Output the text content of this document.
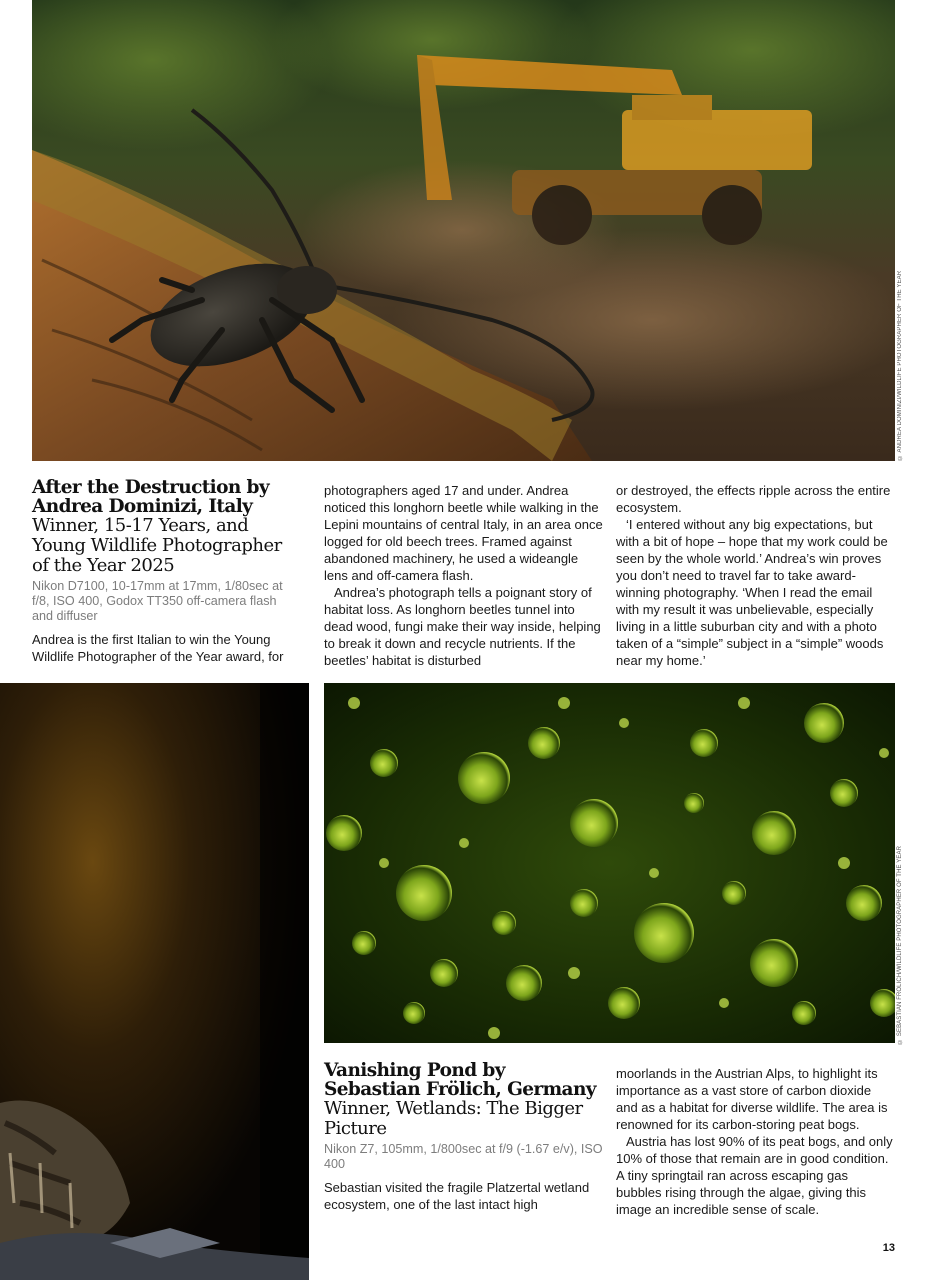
© ANDREA DOMINIZI/WILDLIFE PHOTOGRAPHER OF THE YEAR
After the Destruction by Andrea Dominizi, Italy
Winner, 15-17 Years, and Young Wildlife Photographer of the Year 2025

Nikon D7100, 10-17mm at 17mm, 1/80sec at f/8, ISO 400, Godox TT350 off-camera flash and diffuser

Andrea is the first Italian to win the Young Wildlife Photographer of the Year award, for

photographers aged 17 and under. Andrea noticed this longhorn beetle while walking in the Lepini mountains of central Italy, in an area once logged for old beech trees. Framed against abandoned machinery, he used a wideangle lens and off-camera flash.

Andrea’s photograph tells a poignant story of habitat loss. As longhorn beetles tunnel into dead wood, fungi make their way inside, helping to break it down and recycle nutrients. If the beetles’ habitat is disturbed

or destroyed, the effects ripple across the entire ecosystem.

‘I entered without any big expectations, but with a bit of hope – hope that my work could be seen by the whole world.’ Andrea’s win proves you don’t need to travel far to take award-winning photography. ‘When I read the email with my result it was unbelievable, especially living in a little suburban city and with a photo taken of a “simple” subject in a “simple” woods near my home.’

© SEBASTIAN FRÖLICH/WILDLIFE PHOTOGRAPHER OF THE YEAR
Vanishing Pond by Sebastian Frölich, Germany
Winner, Wetlands: The Bigger Picture

Nikon Z7, 105mm, 1/800sec at f/9 (-1.67 e/v), ISO 400

Sebastian visited the fragile Platzertal wetland ecosystem, one of the last intact high

moorlands in the Austrian Alps, to highlight its importance as a vast store of carbon dioxide and as a habitat for diverse wildlife. The area is renowned for its carbon-storing peat bogs.

Austria has lost 90% of its peat bogs, and only 10% of those that remain are in good condition. A tiny springtail ran across escaping gas bubbles rising through the algae, giving this image an incredible sense of scale.

13
